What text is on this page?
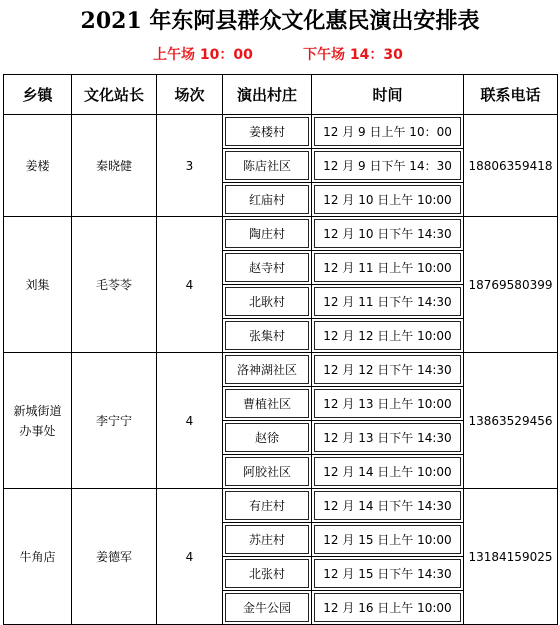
2021 年东阿县群众文化惠民演出安排表
上午场 10：00	下午场 14：30
乡镇	文化站长	场次	演出村庄	时间	联系电话
姜楼	秦晓健	3	姜楼村	12 月 9 日上午 10：00	18806359418

陈店社区	12 月 9 日下午 14：30	

红庙村	12 月 10 日上午 10:00	

刘集	毛苓苓	4	陶庄村	12 月 10 日下午 14:30	18769580399

赵寺村	12 月 11 日上午 10:00	

北耿村	12 月 11 日下午 14:30	

张集村	12 月 12 日上午 10:00	

新城街道
办事处	李宁宁	4	洛神湖社区	12 月 12 日下午 14:30	13863529456

曹植社区	12 月 13 日上午 10:00	

赵徐	12 月 13 日下午 14:30	

阿胶社区	12 月 14 日上午 10:00	

牛角店	姜德军	4	有庄村	12 月 14 日下午 14:30	13184159025

苏庄村	12 月 15 日上午 10:00	

北张村	12 月 15 日下午 14:30	

金牛公园	12 月 16 日上午 10:00	
